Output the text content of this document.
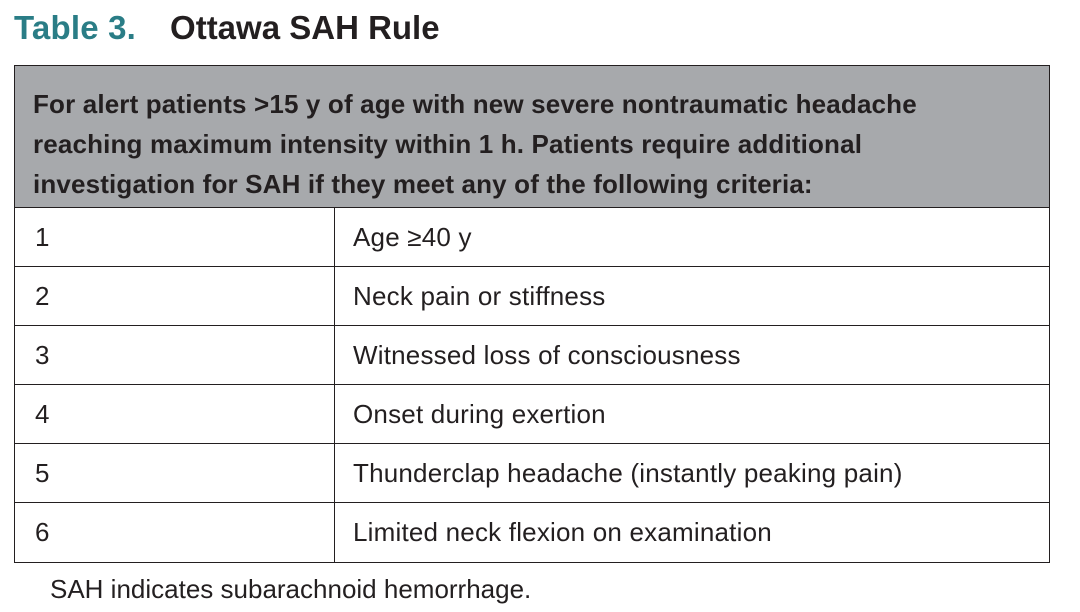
Table 3. Ottawa SAH Rule
For alert patients >15 y of age with new severe nontraumatic headache reaching maximum intensity within 1 h. Patients require additional investigation for SAH if they meet any of the following criteria:
1	Age ≥40 y
2	Neck pain or stiffness
3	Witnessed loss of consciousness
4	Onset during exertion
5	Thunderclap headache (instantly peaking pain)
6	Limited neck flexion on examination
SAH indicates subarachnoid hemorrhage.
